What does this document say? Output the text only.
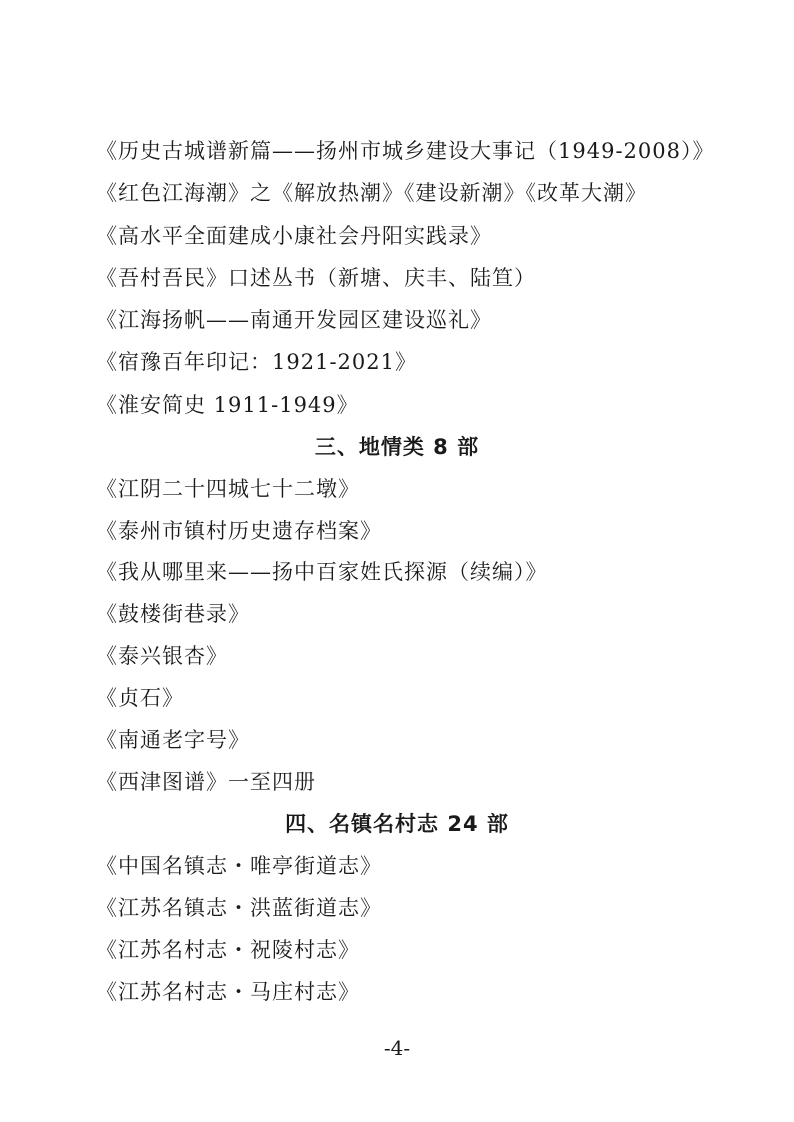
《历史古城谱新篇——扬州市城乡建设大事记（1949-2008）》
《红色江海潮》之《解放热潮》《建设新潮》《改革大潮》
《高水平全面建成小康社会丹阳实践录》
《吾村吾民》口述丛书（新塘、庆丰、陆笪）
《江海扬帆——南通开发园区建设巡礼》
《宿豫百年印记：1921-2021》
《淮安简史 1911-1949》
三、地情类 8 部
《江阴二十四城七十二墩》
《泰州市镇村历史遗存档案》
《我从哪里来——扬中百家姓氏探源（续编）》
《鼓楼街巷录》
《泰兴银杏》
《贞石》
《南通老字号》
《西津图谱》一至四册
四、名镇名村志 24 部
《中国名镇志・唯亭街道志》
《江苏名镇志・洪蓝街道志》
《江苏名村志・祝陵村志》
《江苏名村志・马庄村志》
-4-
